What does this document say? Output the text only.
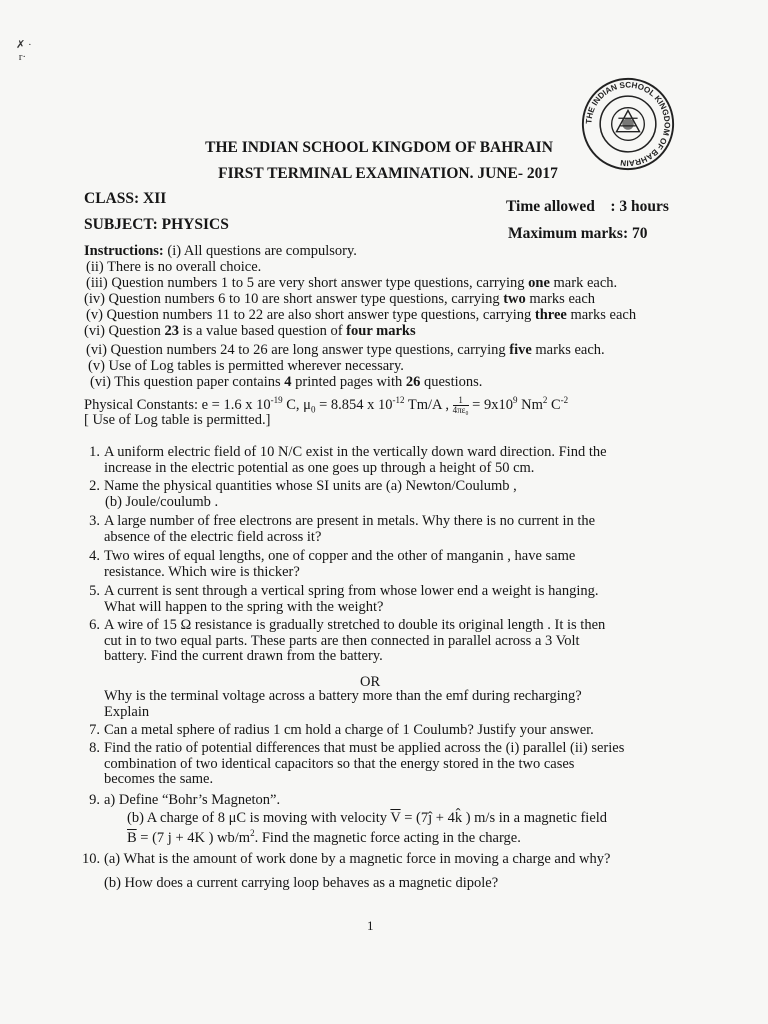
✗ ·
r·
THE INDIAN SCHOOL KINGDOM OF BAHRAIN
THE INDIAN SCHOOL KINGDOM OF BAHRAIN
FIRST TERMINAL EXAMINATION. JUNE- 2017
CLASS: XII
SUBJECT: PHYSICS
Time allowed : 3 hours
Maximum marks: 70
Instructions: (i) All questions are compulsory.
(ii) There is no overall choice.
(iii) Question numbers 1 to 5 are very short answer type questions, carrying one mark each.
(iv) Question numbers 6 to 10 are short answer type questions, carrying two marks each
(v) Question numbers 11 to 22 are also short answer type questions, carrying three marks each
(vi) Question 23 is a value based question of four marks
(vi) Question numbers 24 to 26 are long answer type questions, carrying five marks each.
(v) Use of Log tables is permitted wherever necessary.
(vi) This question paper contains 4 printed pages with 26 questions.
Physical Constants: e = 1.6 x $10^{-19}$ C, $\mu_0 = 8.854$ x $10^{-12}$ Tm/A , $\frac{1}{\text{4πε₀}} = 9x10^9$ Nm$^2$ $C^{-2}$
[ Use of Log table is permitted.]
1. A uniform electric field of 10 N/C exist in the vertically down ward direction. Find the
increase in the electric potential as one goes up through a height of 50 cm.
2. Name the physical quantities whose SI units are (a) Newton/Coulumb ,
(b) Joule/coulumb .
3. A large number of free electrons are present in metals. Why there is no current in the
absence of the electric field across it?
4. Two wires of equal lengths, one of copper and the other of manganin , have same
resistance. Which wire is thicker?
5. A current is sent through a vertical spring from whose lower end a weight is hanging.
What will happen to the spring with the weight?
6. A wire of 15 Ω resistance is gradually stretched to double its original length . It is then
cut in to two equal parts. These parts are then connected in parallel across a 3 Volt
battery. Find the current drawn from the battery.
OR
Why is the terminal voltage across a battery more than the emf during recharging?
Explain
7. Can a metal sphere of radius 1 cm hold a charge of 1 Coulumb? Justify your answer.
8. Find the ratio of potential differences that must be applied across the (i) parallel (ii) series
combination of two identical capacitors so that the energy stored in the two cases
becomes the same.
9. a) Define “Bohr’s Magneton”.
(b) A charge of 8 μC is moving with velocity $\overline{V}$ = (7ĵ + 4k̂ ) m/s in a magnetic field
$\overline{B} = (7$ j + 4K ) $wb/m^2$. Find the magnetic force acting in the charge.
10. (a) What is the amount of work done by a magnetic force in moving a charge and why?
(b) How does a current carrying loop behaves as a magnetic dipole?
1
